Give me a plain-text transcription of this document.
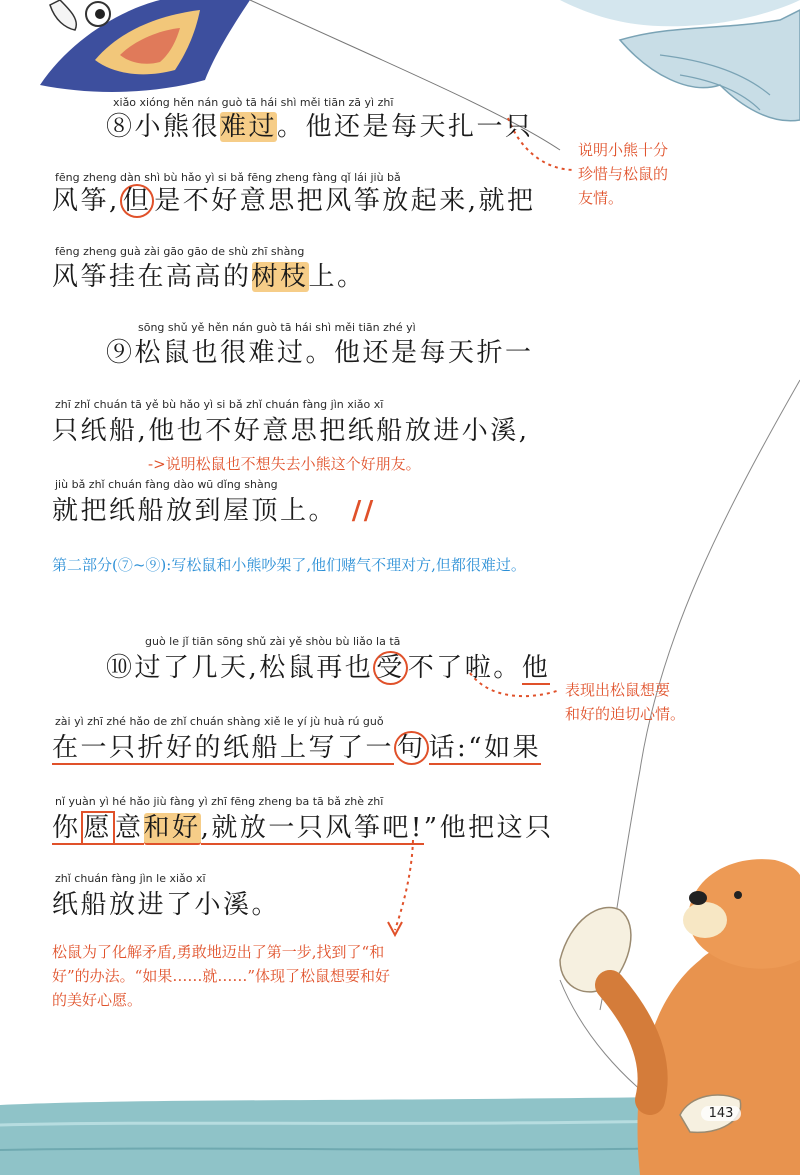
xiǎo xióng hěn nán guò tā hái shì měi tiān zā yì zhī
⑧小熊很难过。他还是每天扎一只
fēng zheng dàn shì bù hǎo yì si bǎ fēng zheng fàng qǐ lái jiù bǎ
风筝, 但 是不好意思把风筝放起来,就把
fēng zheng guà zài gāo gāo de shù zhī shàng
风筝挂在高高的树枝上。
sōng shǔ yě hěn nán guò tā hái shì měi tiān zhé yì
⑨松鼠也很难过。他还是每天折一
zhī zhǐ chuán tā yě bù hǎo yì si bǎ zhǐ chuán fàng jìn xiǎo xī
只纸船,他也不好意思把纸船放进小溪,
jiù bǎ zhǐ chuán fàng dào wū dǐng shàng
就把纸船放到屋顶上。 //
第二部分(⑦~⑨):写松鼠和小熊吵架了,他们赌气不理对方,但都很难过。
guò le jǐ tiān sōng shǔ zài yě shòu bù liǎo la tā
⑩过了几天,松鼠再也 受 不了啦。他
zài yì zhī zhé hǎo de zhǐ chuán shàng xiě le yí jù huà rú guǒ
在一只折好的纸船上写了一 句 话:“如果
nǐ yuàn yì hé hǎo jiù fàng yì zhī fēng zheng ba tā bǎ zhè zhī
你 愿 意和好,就放一只风筝吧!”他把这只
zhǐ chuán fàng jìn le xiǎo xī
纸船放进了小溪。
说明小熊十分
珍惜与松鼠的
友情。
->说明松鼠也不想失去小熊这个好朋友。
表现出松鼠想要
和好的迫切心情。
松鼠为了化解矛盾,勇敢地迈出了第一步,找到了“和
好”的办法。“如果……就……”体现了松鼠想要和好
的美好心愿。
143
